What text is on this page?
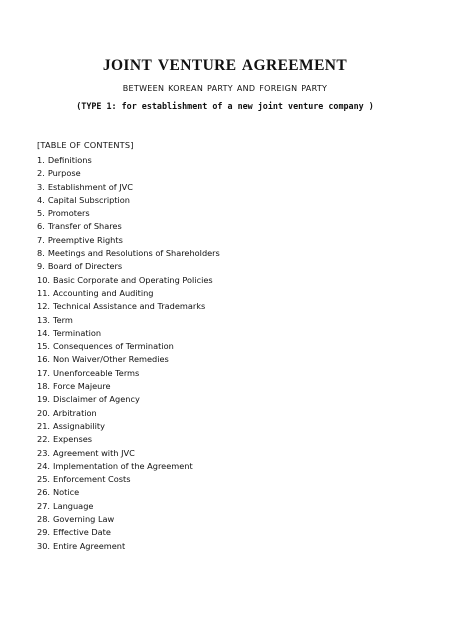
JOINT VENTURE AGREEMENT
BETWEEN KOREAN PARTY AND FOREIGN PARTY
(TYPE 1: for establishment of a new joint venture company )
[TABLE OF CONTENTS]
1. Definitions
2. Purpose
3. Establishment of JVC
4. Capital Subscription
5. Promoters
6. Transfer of Shares
7. Preemptive Rights
8. Meetings and Resolutions of Shareholders
9. Board of Directers
10. Basic Corporate and Operating Policies
11. Accounting and Auditing
12. Technical Assistance and Trademarks
13. Term
14. Termination
15. Consequences of Termination
16. Non Waiver/Other Remedies
17. Unenforceable Terms
18. Force Majeure
19. Disclaimer of Agency
20. Arbitration
21. Assignability
22. Expenses
23. Agreement with JVC
24. Implementation of the Agreement
25. Enforcement Costs
26. Notice
27. Language
28. Governing Law
29. Effective Date
30. Entire Agreement
